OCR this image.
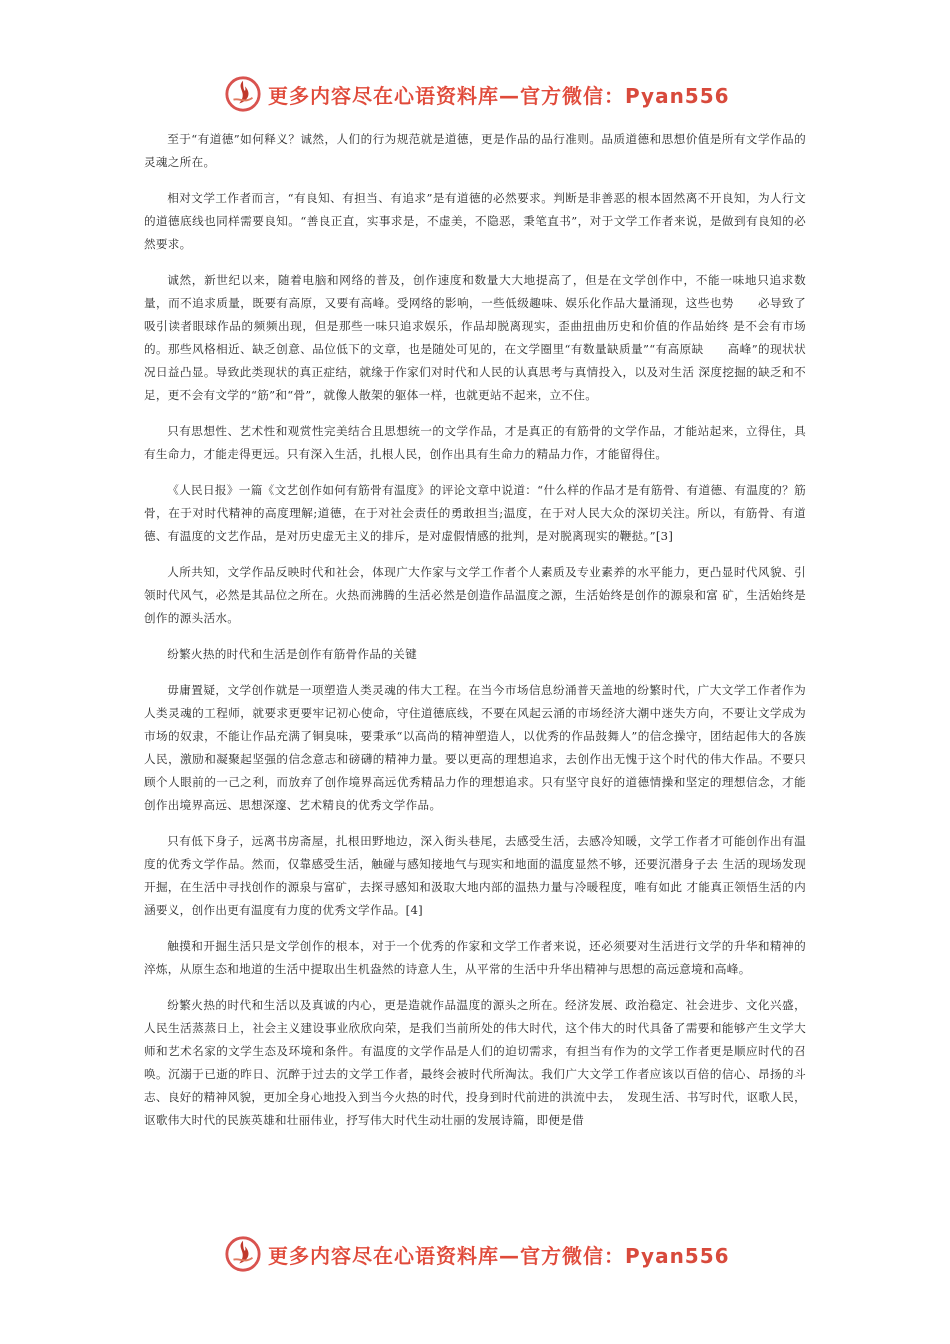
更多内容尽在心语资料库—官方微信：Pyan556

至于“有道德”如何释义？诚然，人们的行为规范就是道德，更是作品的品行准则。品质道德和思想价值是所有文学作品的灵魂之所在。

相对文学工作者而言，“有良知、有担当、有追求”是有道德的必然要求。判断是非善恶的根本固然离不开良知，为人行文的道德底线也同样需要良知。“善良正直，实事求是，不虚美，不隐恶，秉笔直书”，对于文学工作者来说，是做到有良知的必然要求。

诚然，新世纪以来，随着电脑和网络的普及，创作速度和数量大大地提高了，但是在文学创作中，不能一味地只追求数量，而不追求质量，既要有高原，又要有高峰。受网络的影响，一些低级趣味、娱乐化作品大量涌现，这些也势　　必导致了吸引读者眼球作品的频频出现，但是那些一味只追求娱乐，作品却脱离现实，歪曲扭曲历史和价值的作品始终 是不会有市场的。那些风格相近、缺乏创意、品位低下的文章，也是随处可见的，在文学圈里“有数量缺质量”“有高原缺　　高峰”的现状状况日益凸显。导致此类现状的真正症结，就缘于作家们对时代和人民的认真思考与真情投入，以及对生活 深度挖掘的缺乏和不足，更不会有文学的“筋”和“骨”，就像人散架的躯体一样，也就更站不起来，立不住。

只有思想性、艺术性和观赏性完美结合且思想统一的文学作品，才是真正的有筋骨的文学作品，才能站起来，立得住，具有生命力，才能走得更远。只有深入生活，扎根人民，创作出具有生命力的精品力作，才能留得住。

《人民日报》一篇《文艺创作如何有筋骨有温度》的评论文章中说道：“什么样的作品才是有筋骨、有道德、有温度的？筋骨，在于对时代精神的高度理解;道德，在于对社会责任的勇敢担当;温度，在于对人民大众的深切关注。所以，有筋骨、有道德、有温度的文艺作品，是对历史虚无主义的排斥，是对虚假情感的批判，是对脱离现实的鞭挞。”[3]

人所共知，文学作品反映时代和社会，体现广大作家与文学工作者个人素质及专业素养的水平能力，更凸显时代风貌、引领时代风气，必然是其品位之所在。火热而沸腾的生活必然是创造作品温度之源，生活始终是创作的源泉和富 矿，生活始终是创作的源头活水。

纷繁火热的时代和生活是创作有筋骨作品的关键

毋庸置疑，文学创作就是一项塑造人类灵魂的伟大工程。在当今市场信息纷涌普天盖地的纷繁时代，广大文学工作者作为人类灵魂的工程师，就要求更要牢记初心使命，守住道德底线，不要在风起云涌的市场经济大潮中迷失方向，不要让文学成为市场的奴隶，不能让作品充满了铜臭味，要秉承“以高尚的精神塑造人，以优秀的作品鼓舞人”的信念操守，团结起伟大的各族人民，激励和凝聚起坚强的信念意志和磅礴的精神力量。要以更高的理想追求，去创作出无愧于这个时代的伟大作品。不要只顾个人眼前的一己之利，而放弃了创作境界高远优秀精品力作的理想追求。只有坚守良好的道德情操和坚定的理想信念，才能创作出境界高远、思想深邃、艺术精良的优秀文学作品。

只有低下身子，远离书房斋屋，扎根田野地边，深入街头巷尾，去感受生活，去感冷知暖，文学工作者才可能创作出有温度的优秀文学作品。然而，仅靠感受生活，触碰与感知接地气与现实和地面的温度显然不够，还要沉潜身子去 生活的现场发现开掘，在生活中寻找创作的源泉与富矿，去探寻感知和汲取大地内部的温热力量与冷暖程度，唯有如此 才能真正领悟生活的内涵要义，创作出更有温度有力度的优秀文学作品。[4]

触摸和开掘生活只是文学创作的根本，对于一个优秀的作家和文学工作者来说，还必须要对生活进行文学的升华和精神的淬炼，从原生态和地道的生活中提取出生机盎然的诗意人生，从平常的生活中升华出精神与思想的高远意境和高峰。

纷繁火热的时代和生活以及真诚的内心，更是造就作品温度的源头之所在。经济发展、政治稳定、社会进步、文化兴盛，人民生活蒸蒸日上，社会主义建设事业欣欣向荣，是我们当前所处的伟大时代，这个伟大的时代具备了需要和能够产生文学大师和艺术名家的文学生态及环境和条件。有温度的文学作品是人们的迫切需求，有担当有作为的文学工作者更是顺应时代的召唤。沉溺于已逝的昨日、沉醉于过去的文学工作者，最终会被时代所淘汰。我们广大文学工作者应该以百倍的信心、昂扬的斗志、良好的精神风貌，更加全身心地投入到当今火热的时代，投身到时代前进的洪流中去，　发现生活、书写时代，讴歌人民，讴歌伟大时代的民族英雄和壮丽伟业，抒写伟大时代生动壮丽的发展诗篇，即便是借

更多内容尽在心语资料库—官方微信：Pyan556
